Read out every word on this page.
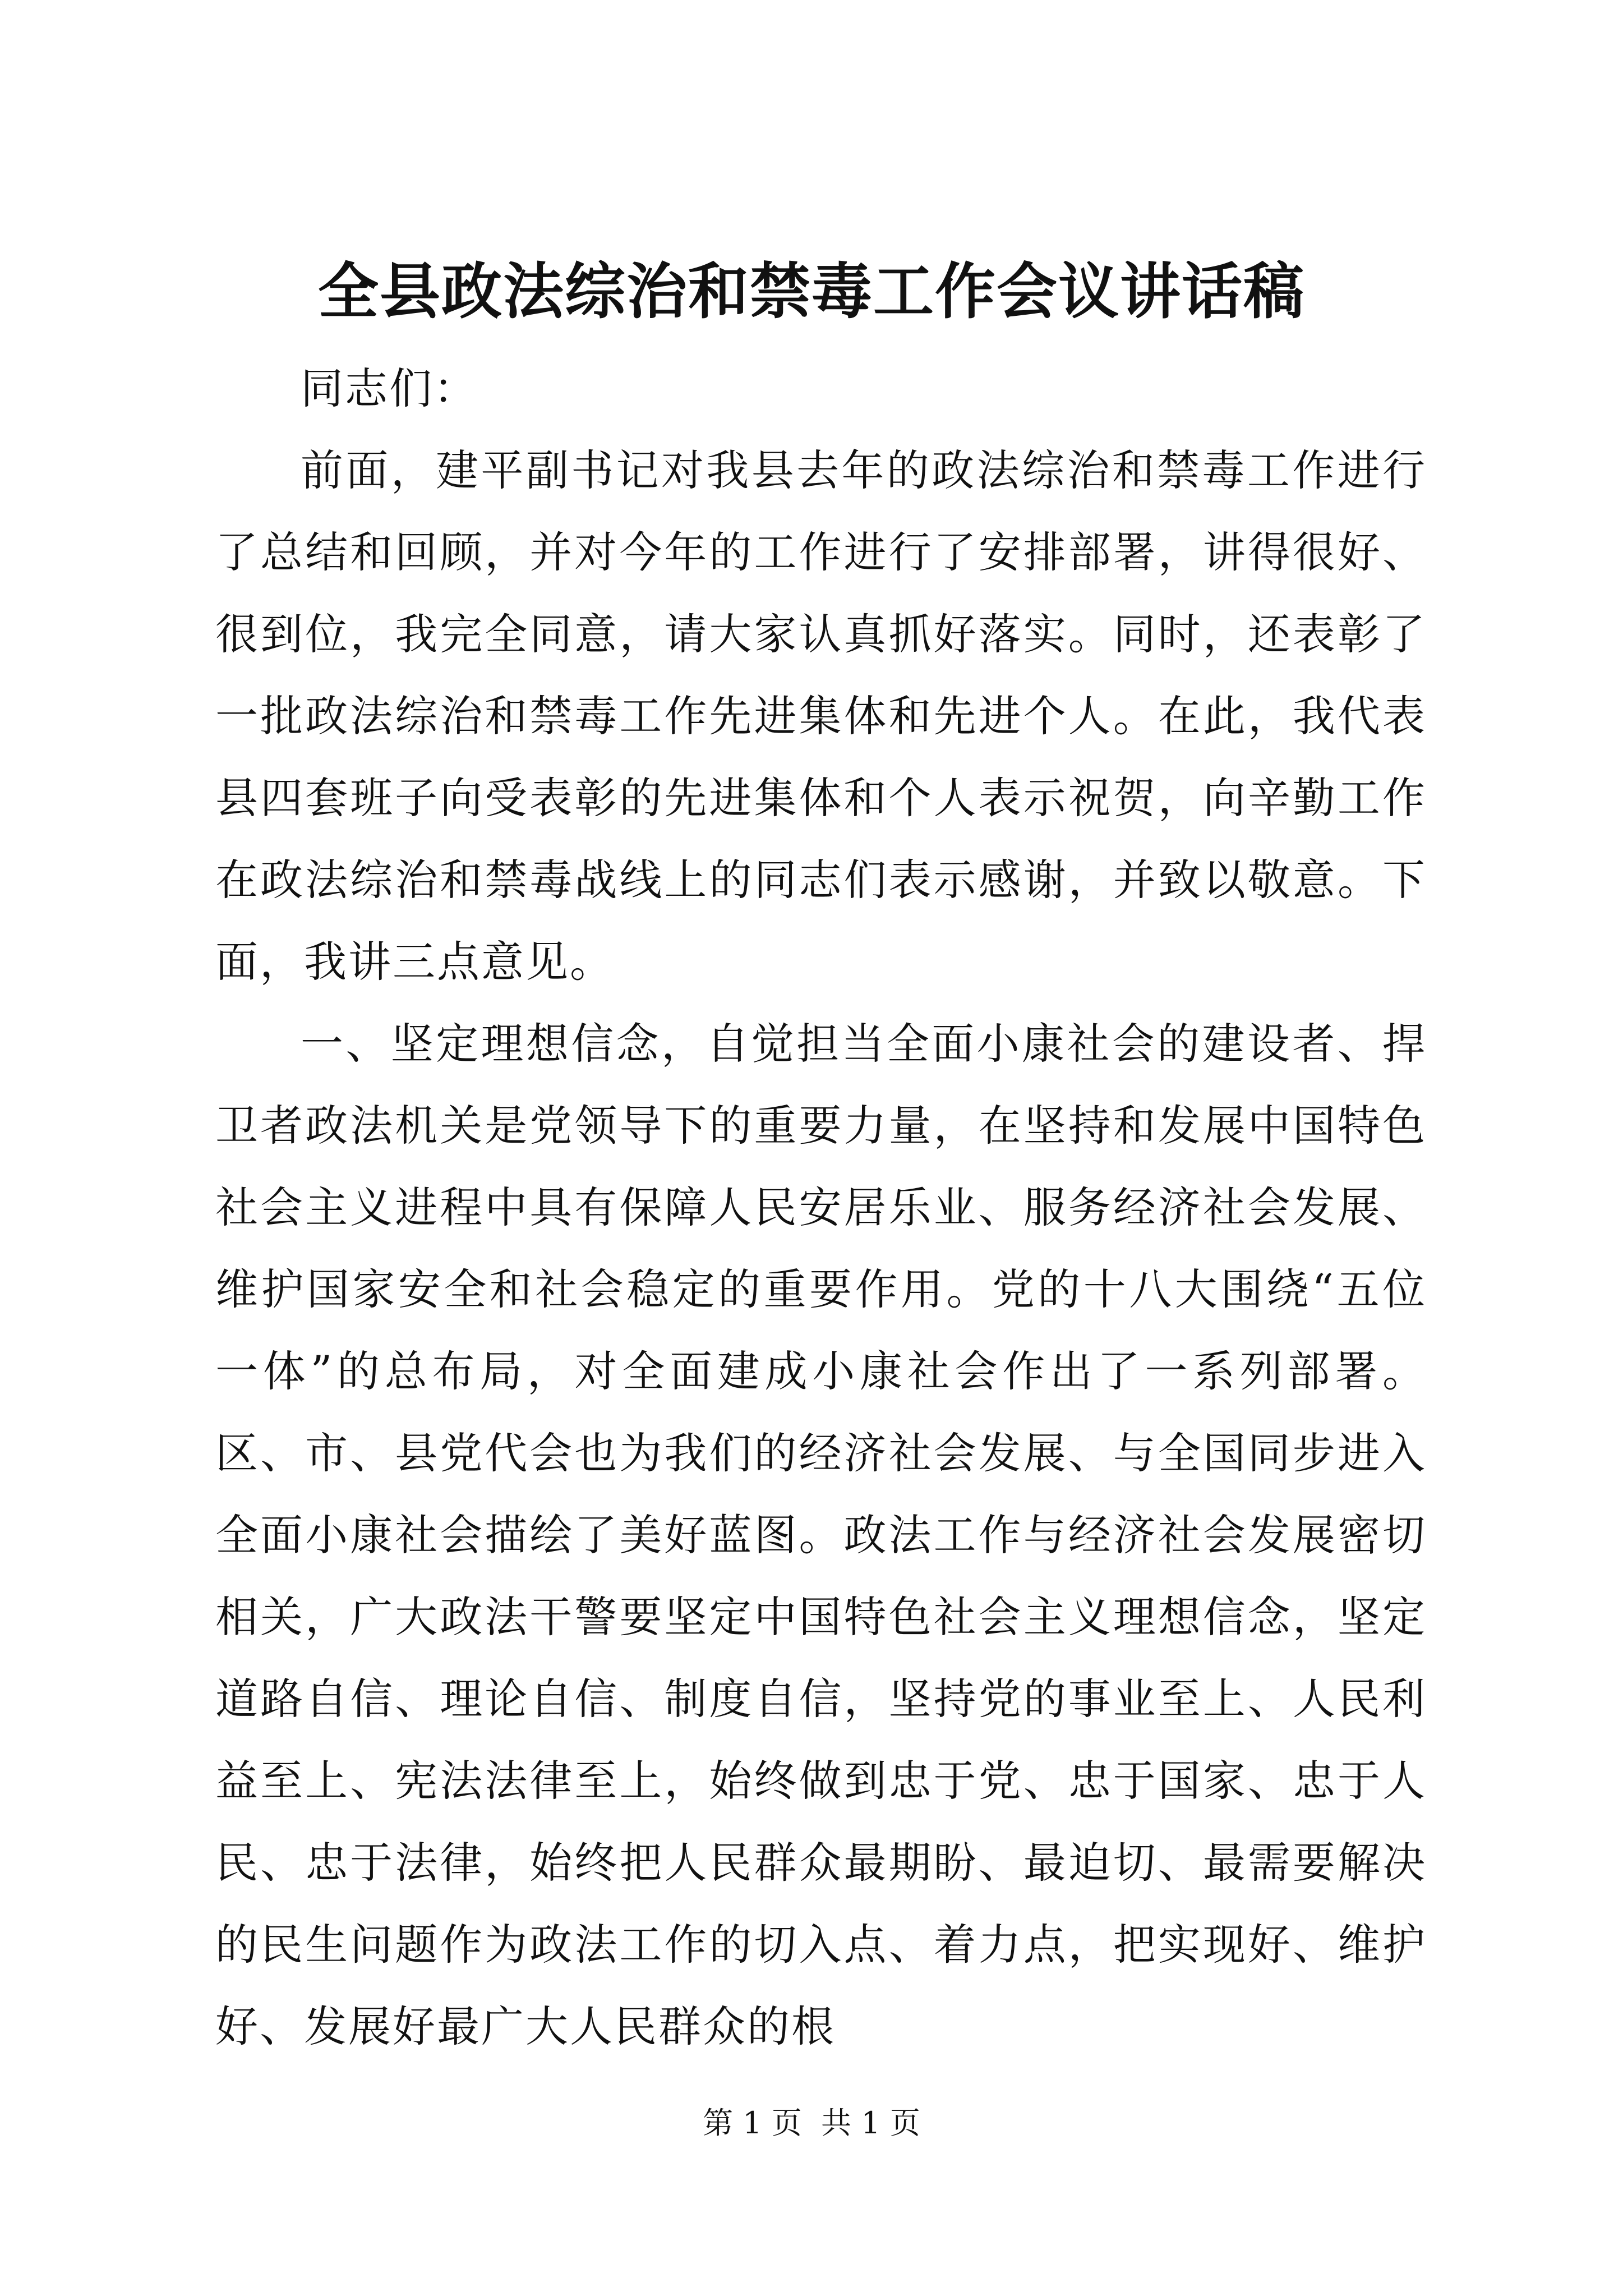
全县政法综治和禁毒工作会议讲话稿

同志们：

前面，建平副书记对我县去年的政法综治和禁毒工作进行了总结和回顾，并对今年的工作进行了安排部署，讲得很好、很到位，我完全同意，请大家认真抓好落实。同时，还表彰了一批政法综治和禁毒工作先进集体和先进个人。在此，我代表县四套班子向受表彰的先进集体和个人表示祝贺，向辛勤工作在政法综治和禁毒战线上的同志们表示感谢，并致以敬意。下面，我讲三点意见。

一、坚定理想信念，自觉担当全面小康社会的建设者、捍卫者政法机关是党领导下的重要力量，在坚持和发展中国特色社会主义进程中具有保障人民安居乐业、服务经济社会发展、维护国家安全和社会稳定的重要作用。党的十八大围绕“五位一体”的总布局，对全面建成小康社会作出了一系列部署。区、市、县党代会也为我们的经济社会发展、与全国同步进入全面小康社会描绘了美好蓝图。政法工作与经济社会发展密切相关，广大政法干警要坚定中国特色社会主义理想信念，坚定道路自信、理论自信、制度自信，坚持党的事业至上、人民利益至上、宪法法律至上，始终做到忠于党、忠于国家、忠于人民、忠于法律，始终把人民群众最期盼、最迫切、最需要解决的民生问题作为政法工作的切入点、着力点，把实现好、维护好、发展好最广大人民群众的根

第 1 页  共 1 页
